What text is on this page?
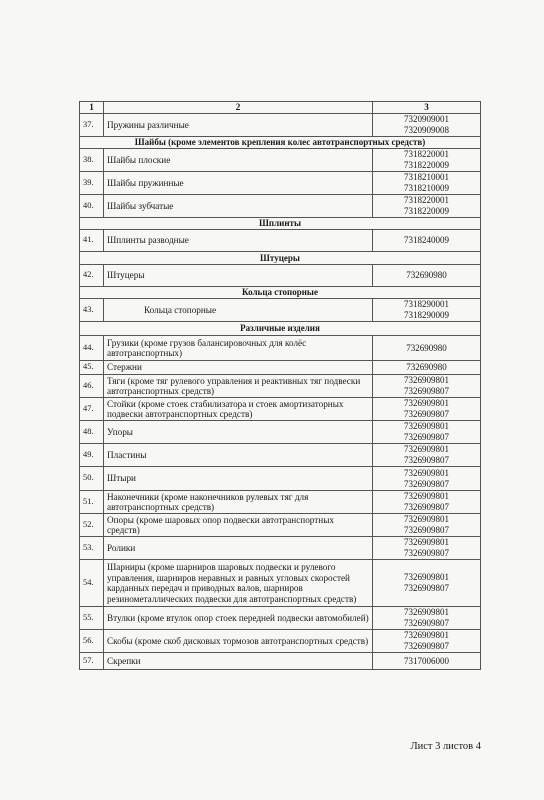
1	2	3
37.	Пружины различные	7320909001
7320909008

Шайбы (кроме элементов крепления колес автотранспортных средств)		
38.	Шайбы плоские	7318220001
7318220009

39.	Шайбы пружинные	7318210001
7318210009

40.	Шайбы зубчатые	7318220001
7318220009

Шплинты		
41.	Шплинты разводные	7318240009

Штуцеры		
42.	Штуцеры	732690980

Кольца стопорные		
43.	Кольца стопорные	7318290001
7318290009

Различные изделия		
44.	Грузики (кроме грузов балансировочных для колёс автотранспортных)	732690980

45.	Стержни	732690980

46.	Тяги (кроме тяг рулевого управления и реактивных тяг подвески автотранспортных средств)	7326909801
7326909807

47.	Стойки (кроме стоек стабилизатора и стоек амортизаторных подвески автотранспортных средств)	7326909801
7326909807

48.	Упоры	7326909801
7326909807

49.	Пластины	7326909801
7326909807

50.	Штыри	7326909801
7326909807

51.	Наконечники (кроме наконечников рулевых тяг для автотранспортных средств)	7326909801
7326909807

52.	Опоры (кроме шаровых опор подвески автотранспортных средств)	7326909801
7326909807

53.	Ролики	7326909801
7326909807

54.	Шарниры (кроме шарниров шаровых подвески и рулевого управления, шарниров неравных и равных угловых скоростей карданных передач и приводных валов, шарниров резинометаллических подвески для автотранспортных средств)	7326909801
7326909807

55.	Втулки (кроме втулок опор стоек передней подвески автомобилей)	7326909801
7326909807

56.	Скобы (кроме скоб дисковых тормозов автотранспортных средств)	7326909801
7326909807

57.	Скрепки	7317006000
Лист 3 листов 4
